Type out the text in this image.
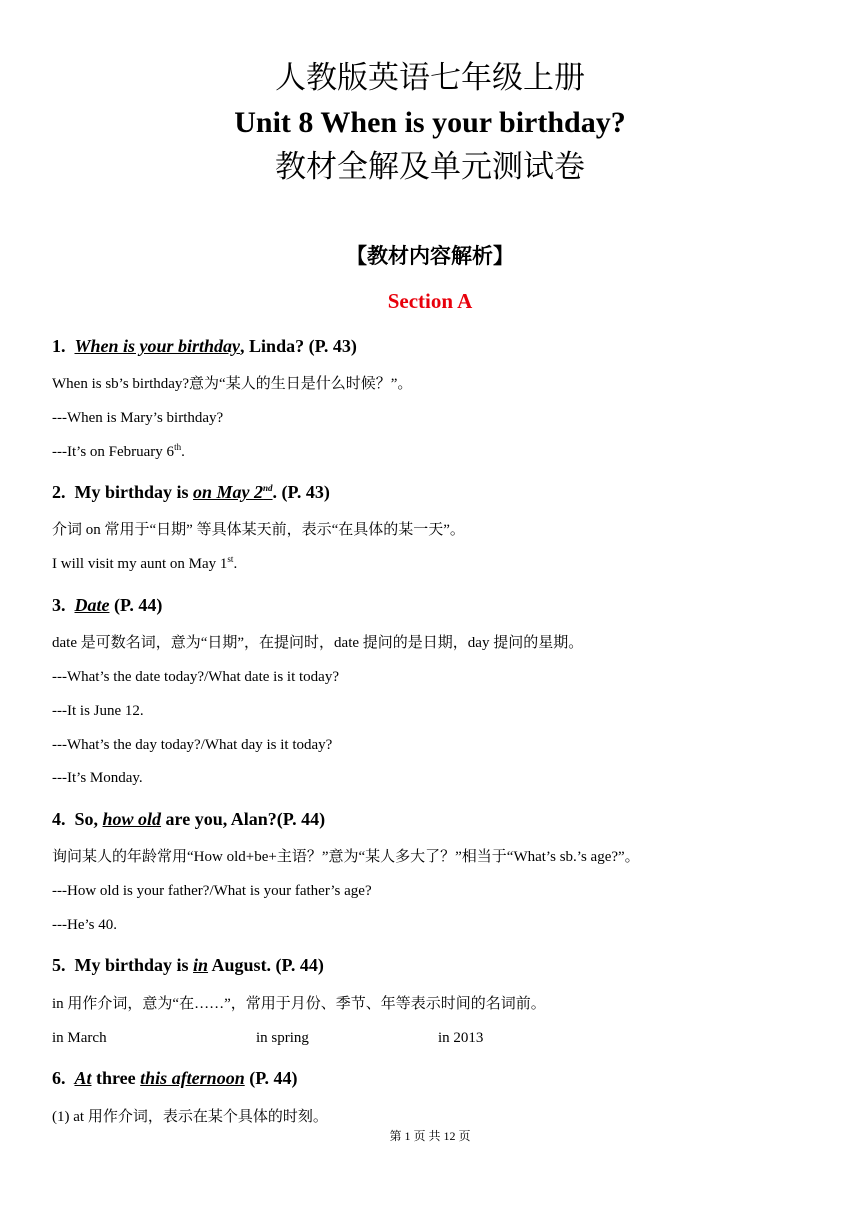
人教版英语七年级上册
Unit 8 When is your birthday?
教材全解及单元测试卷
【教材内容解析】
Section A
1. When is your birthday, Linda? (P. 43)
When is sb’s birthday?意为“某人的生日是什么时候？”。
---When is Mary’s birthday?
---It’s on February 6th.
2. My birthday is on May 2nd. (P. 43)
介词 on 常用于“日期” 等具体某天前，表示“在具体的某一天”。
I will visit my aunt on May 1st.
3. Date (P. 44)
date 是可数名词，意为“日期”，在提问时，date 提问的是日期，day 提问的星期。
---What’s the date today?/What date is it today?
---It is June 12.
---What’s the day today?/What day is it today?
---It’s Monday.
4. So, how old are you, Alan?(P. 44)
询问某人的年龄常用“How old+be+主语？”意为“某人多大了？”相当于“What’s sb.’s age?”。
---How old is your father?/What is your father’s age?
---He’s 40.
5. My birthday is in August. (P. 44)
in 用作介词，意为“在……”，常用于月份、季节、年等表示时间的名词前。
in March	in spring	in 2013
6. At three this afternoon (P. 44)
(1) at 用作介词，表示在某个具体的时刻。
第 1 页 共 12 页
